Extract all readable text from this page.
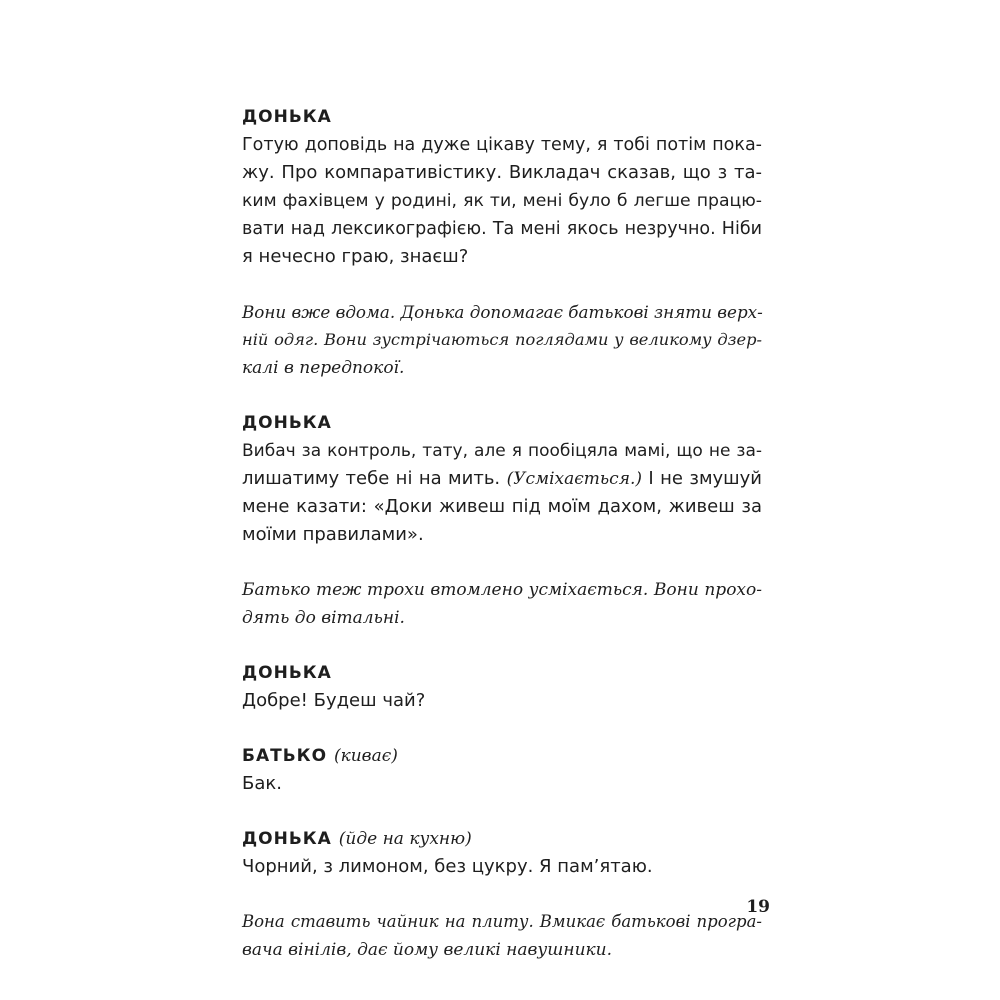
ДОНЬКА
Готую доповідь на дуже цікаву тему, я тобі потім пока-
жу. Про компаративістику. Викладач сказав, що з та-
ким фахівцем у родині, як ти, мені було б легше працю-
вати над лексикографією. Та мені якось незручно. Ніби
я нечесно граю, знаєш?
Вони вже вдома. Донька допомагає батькові зняти верх-
ній одяг. Вони зустрічаються поглядами у великому дзер-
калі в передпокої.
ДОНЬКА
Вибач за контроль, тату, але я пообіцяла мамі, що не за-
лишатиму тебе ні на мить. (Усміхається.) І не змушуй
мене казати: «Доки живеш під моїм дахом, живеш за
моїми правилами».
Батько теж трохи втомлено усміхається. Вони прохо-
дять до вітальні.
ДОНЬКА
Добре! Будеш чай?
БАТЬКО (киває)
Бак.
ДОНЬКА (йде на кухню)
Чорний, з лимоном, без цукру. Я пам’ятаю.
Вона ставить чайник на плиту. Вмикає батькові програ-
вача вінілів, дає йому великі навушники.
19
